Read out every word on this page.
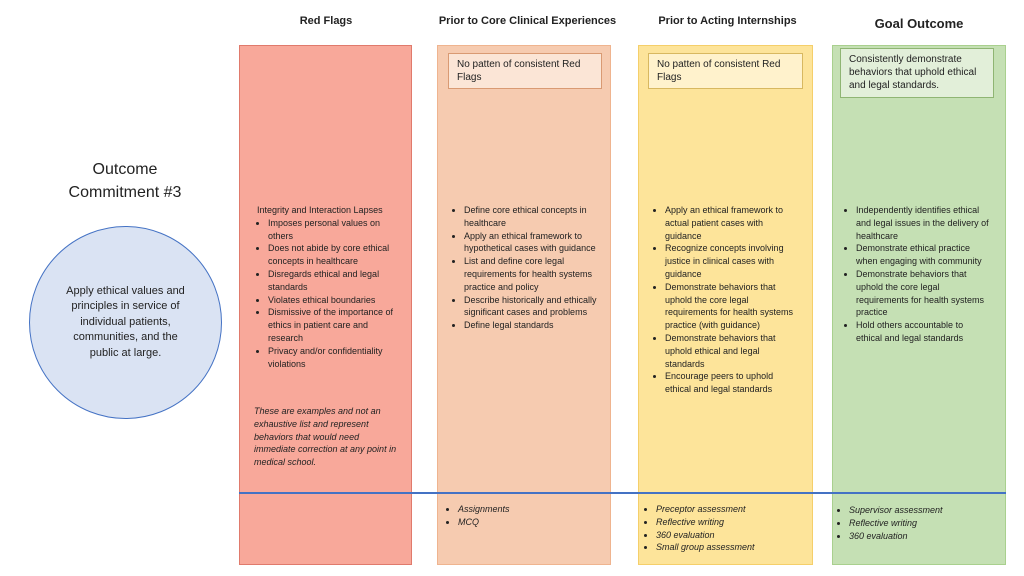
Red Flags	Prior to Core Clinical Experiences	Prior to Acting Internships	Goal Outcome
Outcome
Commitment #3
Apply ethical values and principles in service of individual patients, communities, and the public at large.
No patten of consistent Red Flags
No patten of consistent Red Flags
Consistently demonstrate behaviors that uphold ethical and legal standards.
Integrity and Interaction Lapses
• Imposes personal values on others
• Does not abide by core ethical concepts in healthcare
• Disregards ethical and legal standards
• Violates ethical boundaries
• Dismissive of the importance of ethics in patient care and research
• Privacy and/or confidentiality violations
These are examples and not an exhaustive list and represent behaviors that would need immediate correction at any point in medical school.
• Define core ethical concepts in healthcare
• Apply an ethical framework to hypothetical cases with guidance
• List and define core legal requirements for health systems practice and policy
• Describe historically and ethically significant cases and problems
• Define legal standards
• Apply an ethical framework to actual patient cases with guidance
• Recognize concepts involving justice in clinical cases with guidance
• Demonstrate behaviors that uphold the core legal requirements for health systems practice (with guidance)
• Demonstrate behaviors that uphold ethical and legal standards
• Encourage peers to uphold ethical and legal standards
• Independently identifies ethical and legal issues in the delivery of healthcare
• Demonstrate ethical practice when engaging with community
• Demonstrate behaviors that uphold the core legal requirements for health systems practice
• Hold others accountable to ethical and legal standards
• Assignments
• MCQ
• Preceptor assessment
• Reflective writing
• 360 evaluation
• Small group assessment
• Supervisor assessment
• Reflective writing
• 360 evaluation
